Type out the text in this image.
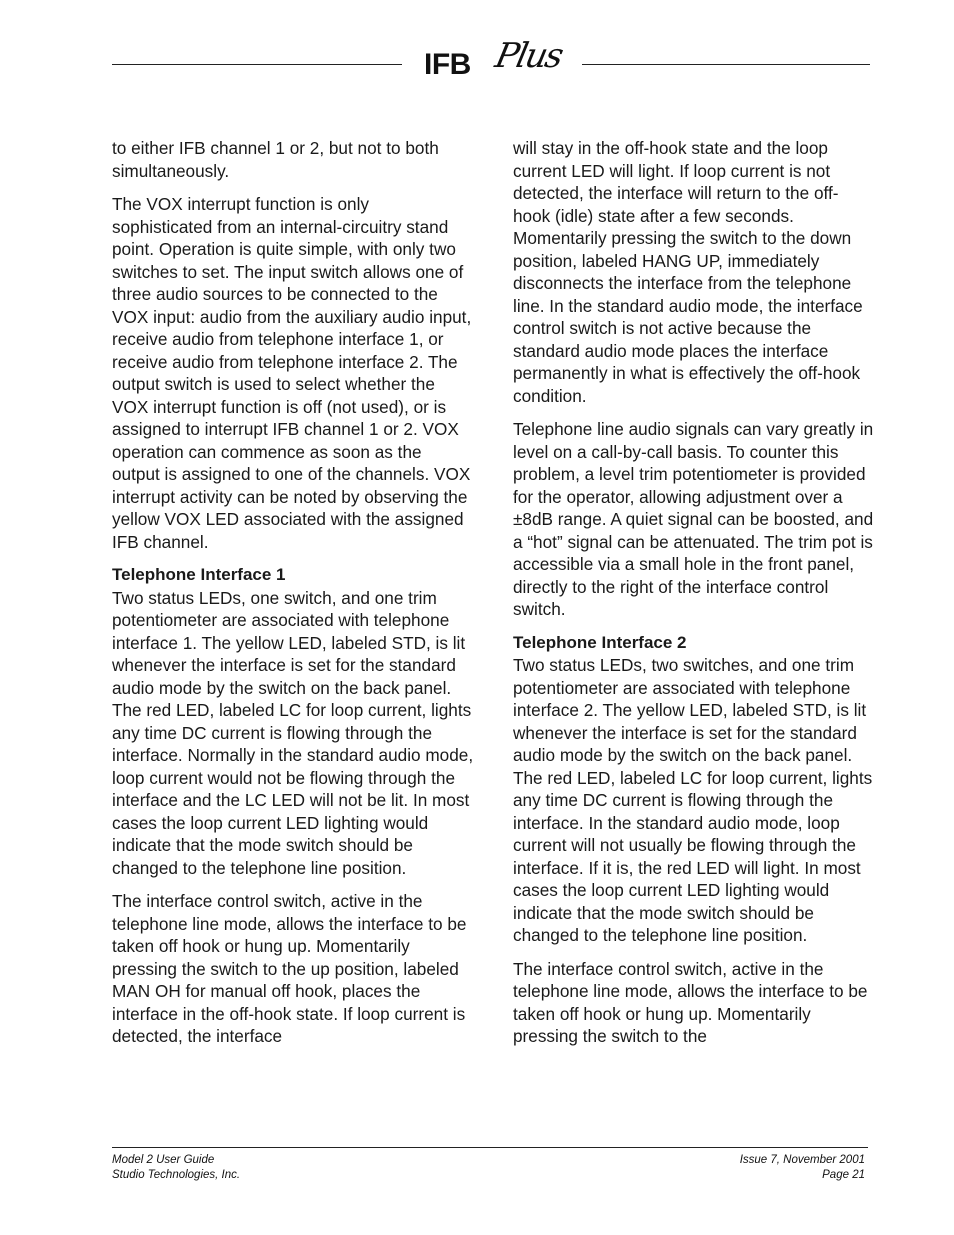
IFB Plus

to either IFB channel 1 or 2, but not to both simultaneously.

The VOX interrupt function is only sophisticated from an internal-circuitry stand point. Operation is quite simple, with only two switches to set. The input switch allows one of three audio sources to be connected to the VOX input: audio from the auxiliary audio input, receive audio from telephone interface 1, or receive audio from telephone interface 2. The output switch is used to select whether the VOX interrupt function is off (not used), or is assigned to interrupt IFB channel 1 or 2. VOX operation can commence as soon as the output is assigned to one of the channels. VOX interrupt activity can be noted by observing the yellow VOX LED associated with the assigned IFB channel.

Telephone Interface 1

Two status LEDs, one switch, and one trim potentiometer are associated with telephone interface 1. The yellow LED, labeled STD, is lit whenever the interface is set for the standard audio mode by the switch on the back panel. The red LED, labeled LC for loop current, lights any time DC current is flowing through the interface. Normally in the standard audio mode, loop current would not be flowing through the interface and the LC LED will not be lit. In most cases the loop current LED lighting would indicate that the mode switch should be changed to the telephone line position.

The interface control switch, active in the telephone line mode, allows the interface to be taken off hook or hung up. Momentarily pressing the switch to the up position, labeled MAN OH for manual off hook, places the interface in the off-hook state. If loop current is detected, the interface

will stay in the off-hook state and the loop current LED will light. If loop current is not detected, the interface will return to the off-hook (idle) state after a few seconds. Momentarily pressing the switch to the down position, labeled HANG UP, immediately disconnects the interface from the telephone line. In the standard audio mode, the interface control switch is not active because the standard audio mode places the interface permanently in what is effectively the off-hook condition.

Telephone line audio signals can vary greatly in level on a call-by-call basis. To counter this problem, a level trim potentiometer is provided for the operator, allowing adjustment over a ±8dB range. A quiet signal can be boosted, and a “hot” signal can be attenuated. The trim pot is accessible via a small hole in the front panel, directly to the right of the interface control switch.

Telephone Interface 2

Two status LEDs, two switches, and one trim potentiometer are associated with telephone interface 2. The yellow LED, labeled STD, is lit whenever the interface is set for the standard audio mode by the switch on the back panel. The red LED, labeled LC for loop current, lights any time DC current is flowing through the interface. In the standard audio mode, loop current will not usually be flowing through the interface. If it is, the red LED will light. In most cases the loop current LED lighting would indicate that the mode switch should be changed to the telephone line position.

The interface control switch, active in the telephone line mode, allows the interface to be taken off hook or hung up. Momentarily pressing the switch to the

Model 2 User Guide
Studio Technologies, Inc.
Issue 7, November 2001
Page 21
